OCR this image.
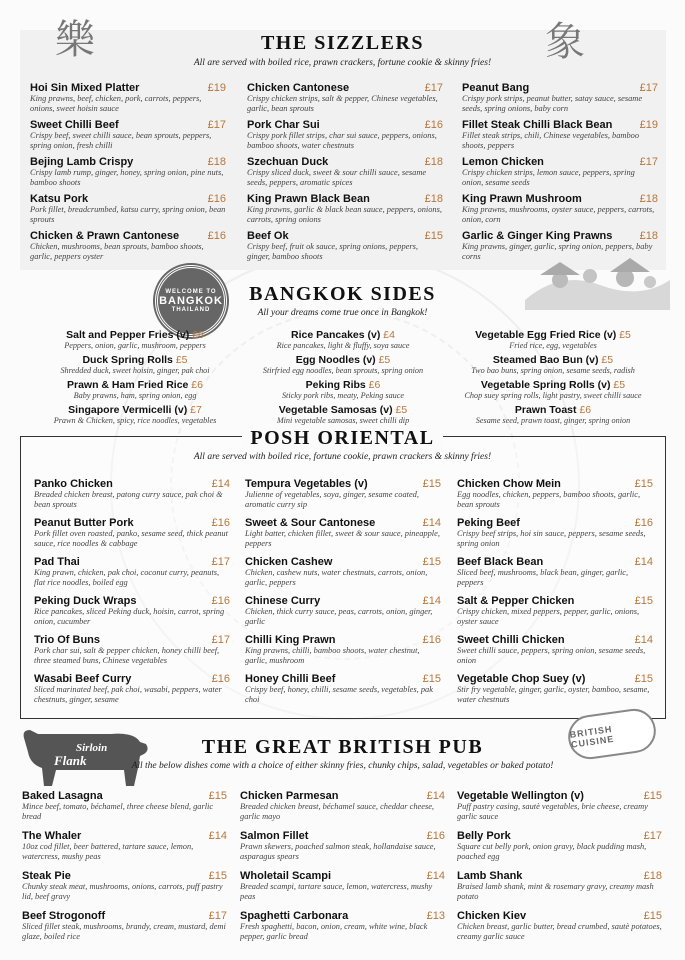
樂	象
THE SIZZLERS
All are served with boiled rice, prawn crackers, fortune cookie & skinny fries!
Hoi Sin Mixed Platter	£19
King prawns, beef, chicken, pork, carrots, peppers, onions, sweet hoisin sauce
Sweet Chilli Beef	£17
Crispy beef, sweet chilli sauce, bean sprouts, peppers, spring onion, fresh chilli
Bejing Lamb Crispy	£18
Crispy lamb rump, ginger, honey, spring onion, pine nuts, bamboo shoots
Katsu Pork	£16
Pork fillet, breadcrumbed, katsu curry, spring onion, bean sprouts
Chicken & Prawn Cantonese	£16
Chicken, mushrooms, bean sprouts, bamboo shoots, garlic, peppers oyster
Chicken Cantonese	£17
Crispy chicken strips, salt & pepper, Chinese vegetables, garlic, bean sprouts
Pork Char Sui	£16
Crispy pork fillet strips, char sui sauce, peppers, onions, bamboo shoots, water chestnuts
Szechuan Duck	£18
Crispy sliced duck, sweet & sour chilli sauce, sesame seeds, peppers, aromatic spices
King Prawn Black Bean	£18
King prawns, garlic & black bean sauce, peppers, onions, carrots, spring onions
Beef Ok	£15
Crispy beef, fruit ok sauce, spring onions, peppers, ginger, bamboo shoots
Peanut Bang	£17
Crispy pork strips, peanut butter, satay sauce, sesame seeds, spring onions, baby corn
Fillet Steak Chilli Black Bean £19
Fillet steak strips, chili, Chinese vegetables, bamboo shoots, peppers
Lemon Chicken	£17
Crispy chicken strips, lemon sauce, peppers, spring onion, sesame seeds
King Prawn Mushroom	£18
King prawns, mushrooms, oyster sauce, peppers, carrots, onion, corn
Garlic & Ginger King Prawns £18
King prawns, ginger, garlic, spring onion, peppers, baby corns
WELCOME TO
BANGKOK
THAILAND
BANGKOK SIDES
All your dreams come true once in Bangkok!
Salt and Pepper Fries (v) £6
Peppers, onion, garlic, mushroom, peppers
Duck Spring Rolls £5
Shredded duck, sweet hoisin, ginger, pak choi
Prawn & Ham Fried Rice £6
Baby prawns, ham, spring onion, egg
Singapore Vermicelli (v) £7
Prawn & Chicken, spicy, rice noodles, vegetables
Rice Pancakes (v) £4
Rice pancakes, light & fluffy, soya sauce
Egg Noodles (v) £5
Stirfried egg noodles, bean sprouts, spring onion
Peking Ribs £6
Sticky pork ribs, meaty, Peking sauce
Vegetable Samosas (v) £5
Mini vegetable samosas, sweet chilli dip
Vegetable Egg Fried Rice (v) £5
Fried rice, egg, vegetables
Steamed Bao Bun (v) £5
Two bao buns, spring onion, sesame seeds, radish
Vegetable Spring Rolls (v) £5
Chop suey spring rolls, light pastry, sweet chilli sauce
Prawn Toast £6
Sesame seed, prawn toast, ginger, spring onion
POSH ORIENTAL
All are served with boiled rice, fortune cookie, prawn crackers & skinny fries!
Panko Chicken	£14
Breaded chicken breast, patong curry sauce, pak choi & bean sprouts
Peanut Butter Pork	£16
Pork fillet oven roasted, panko, sesame seed, thick peanut sauce, rice noodles & cabbage
Pad Thai	£17
King prawn, chicken, pak choi, coconut curry, peanuts, flat rice noodles, boiled egg
Peking Duck Wraps	£16
Rice pancakes, sliced Peking duck, hoisin, carrot, spring onion, cucumber
Trio Of Buns	£17
Pork char sui, salt & pepper chicken, honey chilli beef, three steamed buns, Chinese vegetables
Wasabi Beef Curry	£16
Sliced marinated beef, pak choi, wasabi, peppers, water chestnuts, ginger, sesame
Tempura Vegetables (v)	£15
Julienne of vegetables, soya, ginger, sesame coated, aromatic curry sip
Sweet & Sour Cantonese	£14
Light batter, chicken fillet, sweet & sour sauce, pineapple, peppers
Chicken Cashew	£15
Chicken, cashew nuts, water chestnuts, carrots, onion, garlic, peppers
Chinese Curry	£14
Chicken, thick curry sauce, peas, carrots, onion, ginger, garlic
Chilli King Prawn	£16
King prawns, chilli, bamboo shoots, water chestnut, garlic, mushroom
Honey Chilli Beef	£15
Crispy beef, honey, chilli, sesame seeds, vegetables, pak choi
Chicken Chow Mein	£15
Egg noodles, chicken, peppers, bamboo shoots, garlic, bean sprouts
Peking Beef	£16
Crispy beef strips, hoi sin sauce, peppers, sesame seeds, spring onion
Beef Black Bean	£14
Sliced beef, mushrooms, black bean, ginger, garlic, peppers
Salt & Pepper Chicken	£15
Crispy chicken, mixed peppers, pepper, garlic, onions, oyster sauce
Sweet Chilli Chicken	£14
Sweet chilli sauce, peppers, spring onion, sesame seeds, onion
Vegetable Chop Suey (v)	£15
Stir fry vegetable, ginger, garlic, oyster, bamboo, sesame, water chestnuts
Sirloin
Flank
BRITISH CUISINE
THE GREAT BRITISH PUB
All the below dishes come with a choice of either skinny fries, chunky chips, salad, vegetables or baked potato!
Baked Lasagna	£15
Mince beef, tomato, béchamel, three cheese blend, garlic bread
The Whaler	£14
10oz cod fillet, beer battered, tartare sauce, lemon, watercress, mushy peas
Steak Pie	£15
Chunky steak meat, mushrooms, onions, carrots, puff pastry lid, beef gravy
Beef Strogonoff	£17
Sliced fillet steak, mushrooms, brandy, cream, mustard, demi glaze, boiled rice
Chicken Parmesan	£14
Breaded chicken breast, béchamel sauce, cheddar cheese, garlic mayo
Salmon Fillet	£16
Prawn skewers, poached salmon steak, hollandaise sauce, asparagus spears
Wholetail Scampi	£14
Breaded scampi, tartare sauce, lemon, watercress, mushy peas
Spaghetti Carbonara	£13
Fresh spaghetti, bacon, onion, cream, white wine, black pepper, garlic bread
Vegetable Wellington (v)	£15
Puff pastry casing, sautè vegetables, brie cheese, creamy garlic sauce
Belly Pork	£17
Square cut belly pork, onion gravy, black pudding mash, poached egg
Lamb Shank	£18
Braised lamb shank, mint & rosemary gravy, creamy mash potato
Chicken Kiev	£15
Chicken breast, garlic butter, bread crumbed, sautè potatoes, creamy garlic sauce
